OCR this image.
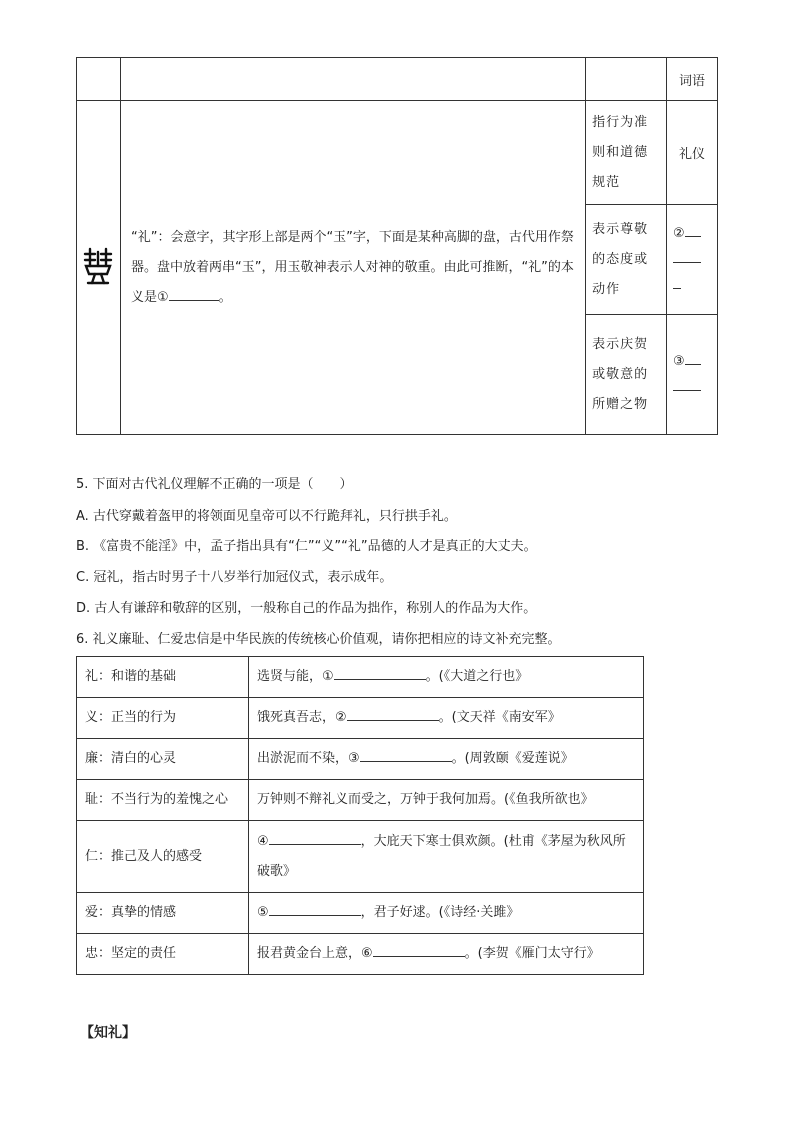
			词语

“礼”：会意字，其字形上部是两个“玉”字，下面是某种高脚的盘，古代用作祭器。盘中放着两串“玉”，用玉敬神表示人对神的敬重。由此可推断，“礼”的本义是① 。	指行为准则和道德规范	礼仪
		表示尊敬的态度或动作	②

		表示庆贺或敬意的所赠之物	③

5. 下面对古代礼仪理解不正确的一项是（　　）
A. 古代穿戴着盔甲的将领面见皇帝可以不行跪拜礼，只行拱手礼。
B. 《富贵不能淫》中，孟子指出具有“仁”“义”“礼”品德的人才是真正的大丈夫。
C. 冠礼，指古时男子十八岁举行加冠仪式，表示成年。
D. 古人有谦辞和敬辞的区别，一般称自己的作品为拙作，称别人的作品为大作。
6. 礼义廉耻、仁爱忠信是中华民族的传统核心价值观，请你把相应的诗文补充完整。
礼：和谐的基础	选贤与能，① 。(《大道之行也》
义：正当的行为	饿死真吾志，② 。(文天祥《南安军》
廉：清白的心灵	出淤泥而不染，③ 。(周敦颐《爱莲说》
耻：不当行为的羞愧之心	万钟则不辩礼义而受之，万钟于我何加焉。(《鱼我所欲也》
仁：推己及人的感受	④ ，大庇天下寒士俱欢颜。(杜甫《茅屋为秋风所破歌》
爱：真挚的情感	⑤ ，君子好逑。(《诗经·关雎》
忠：坚定的责任	报君黄金台上意，⑥ 。(李贺《雁门太守行》
【知礼】
